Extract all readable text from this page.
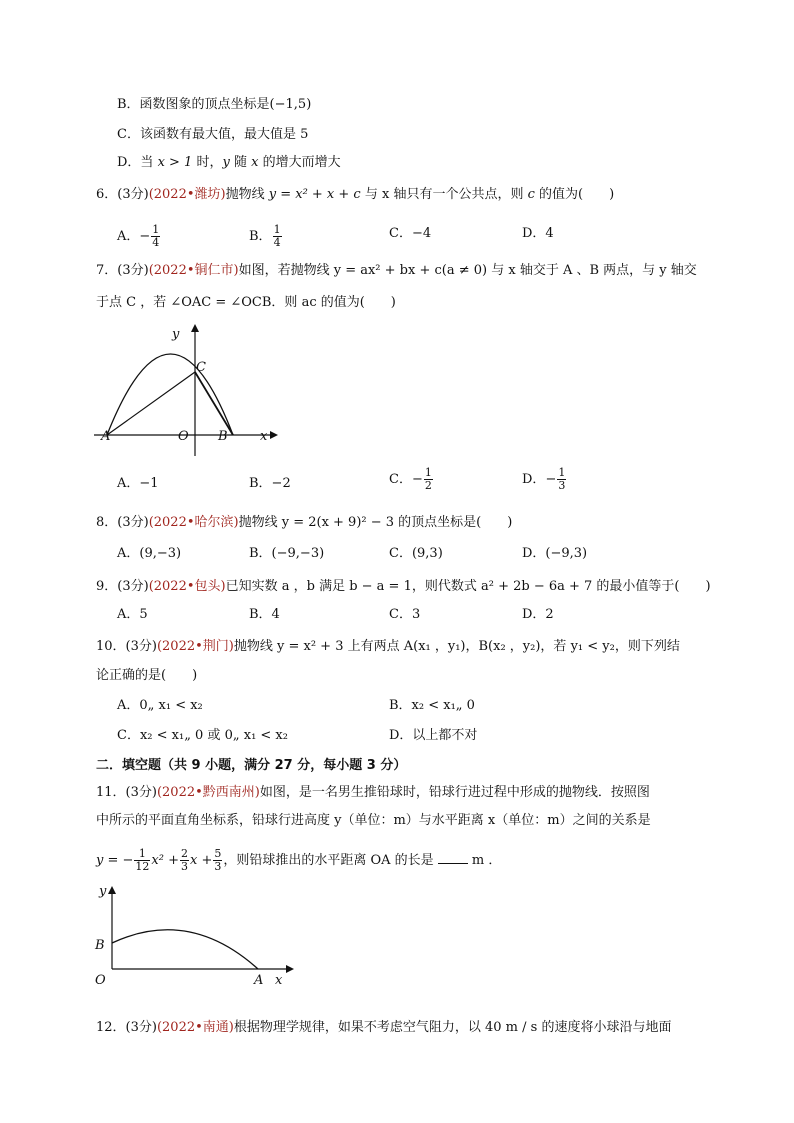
B．函数图象的顶点坐标是(−1,5)
C．该函数有最大值，最大值是 5
D．当 x > 1 时，y 随 x 的增大而增大
6．(3分)(2022•潍坊)抛物线 y = x² + x + c 与 x 轴只有一个公共点，则 c 的值为(　　)
A．− $\frac{1}{4}$	B． $\frac{1}{4}$	C．−4	D．4
7．(3分)(2022•铜仁市)如图，若抛物线 y = ax² + bx + c(a ≠ 0) 与 x 轴交于 A 、B 两点，与 y 轴交
于点 C ，若 ∠OAC = ∠OCB．则 ac 的值为(　　)
y
C
A	O B x
A．−1	B．−2	C．− $\frac{1}{2}$	D．− $\frac{1}{3}$
8．(3分)(2022•哈尔滨)抛物线 y = 2(x + 9)² − 3 的顶点坐标是(　　)
A．(9,−3)	B．(−9,−3)	C．(9,3)	D．(−9,3)
9．(3分)(2022•包头)已知实数 a ，b 满足 b − a = 1，则代数式 a² + 2b − 6a + 7 的最小值等于(　　)
A．5	B．4	C．3	D．2
10．(3分)(2022•荆门)抛物线 y = x² + 3 上有两点 A(x₁ ，y₁)，B(x₂ ，y₂)，若 y₁ < y₂，则下列结
论正确的是(　　)
A．0„ x₁ < x₂	B．x₂ < x₁„ 0
C．x₂ < x₁„ 0 或 0„ x₁ < x₂	D．以上都不对
二．填空题（共 9 小题，满分 27 分，每小题 3 分）
11．(3分)(2022•黔西南州)如图，是一名男生推铅球时，铅球行进过程中形成的抛物线．按照图
中所示的平面直角坐标系，铅球行进高度 y（单位：m）与水平距离 x（单位：m）之间的关系是
y = − $\frac{1}{12} x^2 + \frac{2}{3}$ $x + \frac{5}{3}$ ，则铅球推出的水平距离 OA 的长是  m ．
y
B
O	A x
12．(3分)(2022•南通)根据物理学规律，如果不考虑空气阻力，以 40 m / s 的速度将小球沿与地面
